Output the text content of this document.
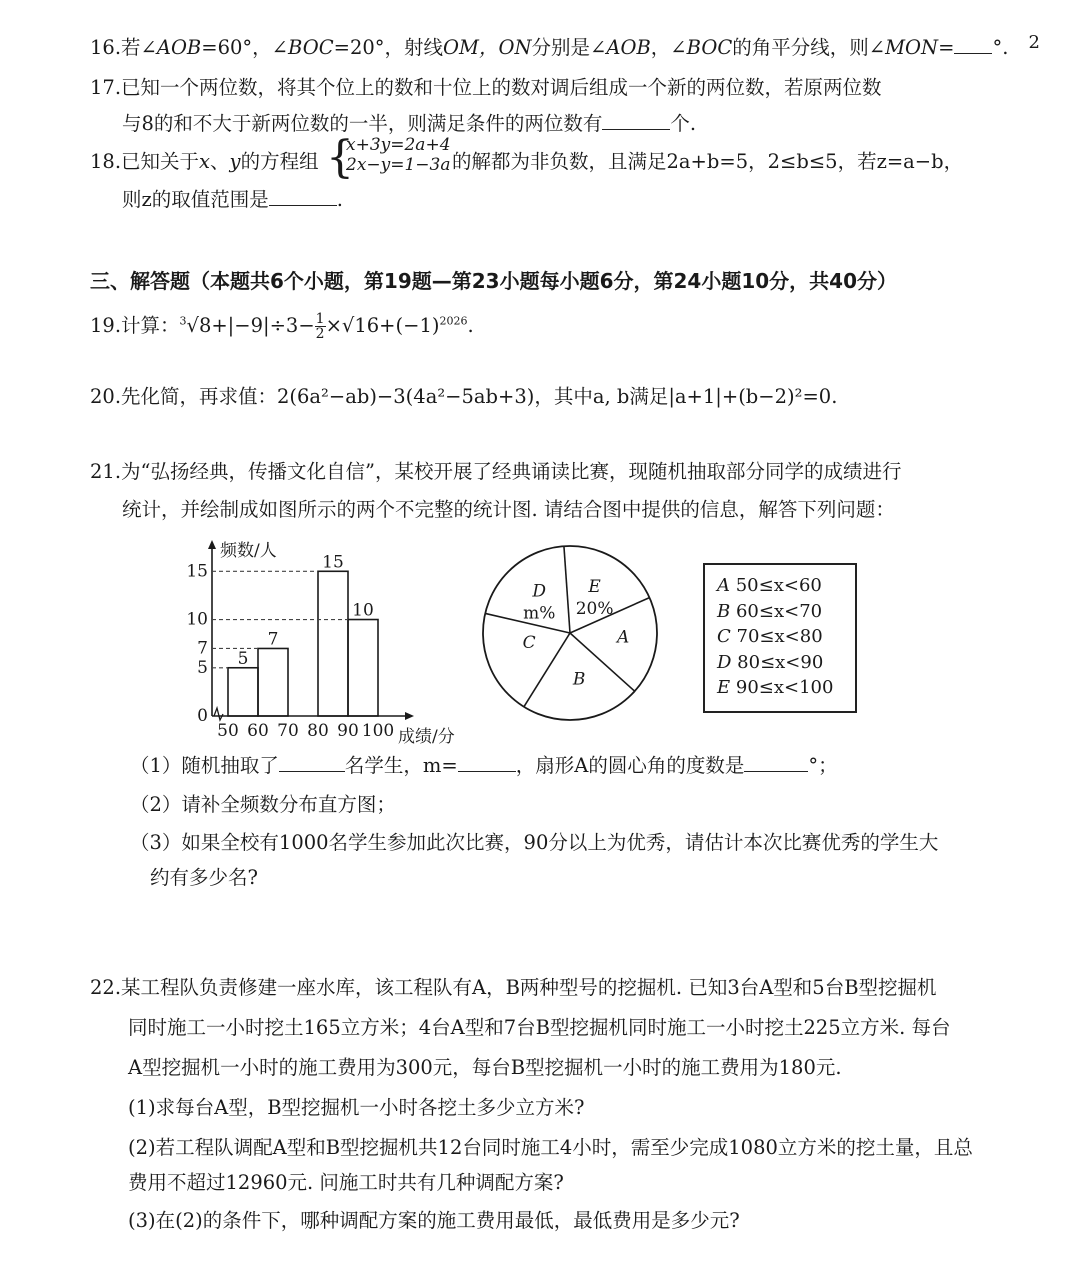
2
16.若∠AOB=60°，∠BOC=20°，射线OM，ON分别是∠AOB，∠BOC的角平分线，则∠MON= °.
17.已知一个两位数，将其个位上的数和十位上的数对调后组成一个新的两位数，若原两位数
与8的和不大于新两位数的一半，则满足条件的两位数有	个.
18.已知关于x、y的方程组 {
x+3y=2a+4
2x−y=1−3a 的解都为非负数，且满足2a+b=5，2≤b≤5，若z=a−b，
则z的取值范围是	.
三、解答题（本题共6个小题，第19题—第23小题每小题6分，第24小题10分，共40分）
19.计算：$^3√8+|-9|\div 3- \frac{1}{2} \times√16+(-1)^{2026}$.
20.先化简，再求值：2(6a²−ab)−3(4a²−5ab+3)，其中a, b满足|a+1|+(b−2)²=0.
21.为“弘扬经典，传播文化自信”，某校开展了经典诵读比赛，现随机抽取部分同学的成绩进行
统计，并绘制成如图所示的两个不完整的统计图. 请结合图中提供的信息，解答下列问题：
频数/人
成绩/分
0
5
7
10
15
5
7
15
10
50 60 70 80 90 100
A
B
C
D
m%
E
20%
A 50≤x<60
B 60≤x<70
C 70≤x<80
D 80≤x<90
E 90≤x<100
（1）随机抽取了	名学生，m=	，扇形A的圆心角的度数是	°；
（2）请补全频数分布直方图；
（3）如果全校有1000名学生参加此次比赛，90分以上为优秀，请估计本次比赛优秀的学生大
约有多少名?
22.某工程队负责修建一座水库，该工程队有A，B两种型号的挖掘机. 已知3台A型和5台B型挖掘机
同时施工一小时挖土165立方米；4台A型和7台B型挖掘机同时施工一小时挖土225立方米. 每台
A型挖掘机一小时的施工费用为300元，每台B型挖掘机一小时的施工费用为180元.
(1)求每台A型，B型挖掘机一小时各挖土多少立方米?
(2)若工程队调配A型和B型挖掘机共12台同时施工4小时，需至少完成1080立方米的挖土量，且总
费用不超过12960元. 问施工时共有几种调配方案?
(3)在(2)的条件下，哪种调配方案的施工费用最低，最低费用是多少元?
